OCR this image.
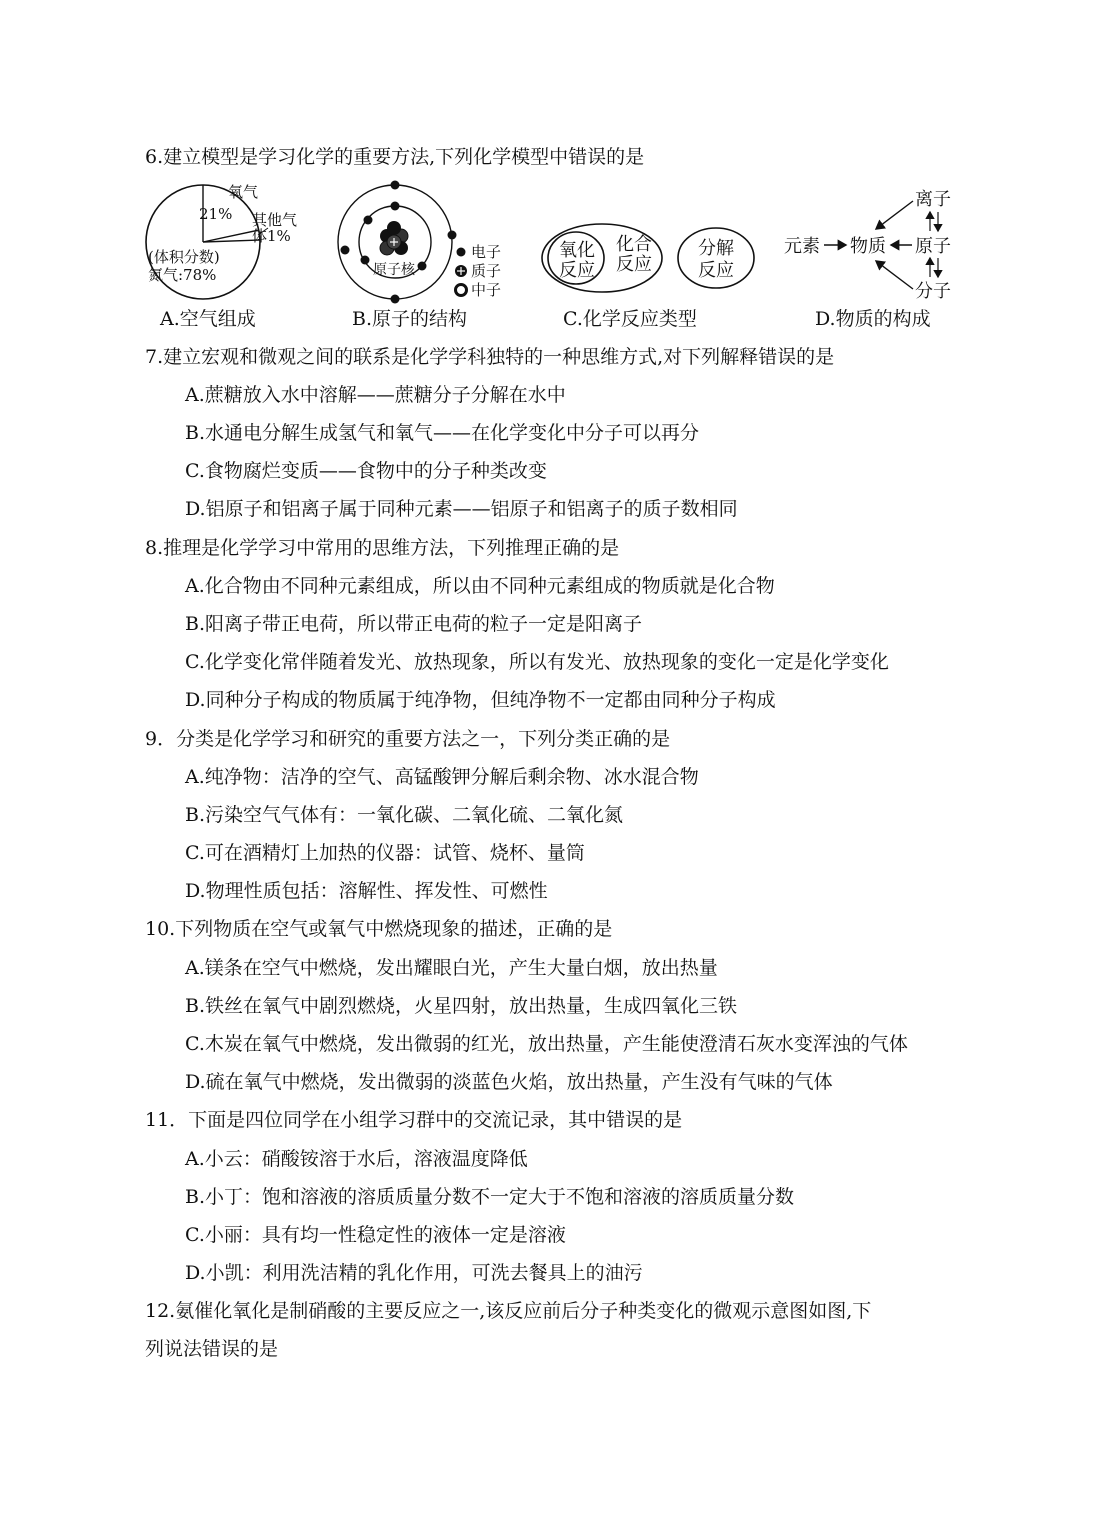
6.建立模型是学习化学的重要方法,下列化学模型中错误的是
氧气
21% 其他气
体1%
(体积分数)
氮气:78%	原子核
电子
质子
中子
氧化
反应
化合
反应
分解
反应
离子
元素 物质 原子
分子
A.空气组成	B.原子的结构	C.化学反应类型	D.物质的构成
7.建立宏观和微观之间的联系是化学学科独特的一种思维方式,对下列解释错误的是
A.蔗糖放入水中溶解——蔗糖分子分解在水中
B.水通电分解生成氢气和氧气——在化学变化中分子可以再分
C.食物腐烂变质——食物中的分子种类改变
D.铝原子和铝离子属于同种元素——铝原子和铝离子的质子数相同
8.推理是化学学习中常用的思维方法，下列推理正确的是
A.化合物由不同种元素组成，所以由不同种元素组成的物质就是化合物
B.阳离子带正电荷，所以带正电荷的粒子一定是阳离子
C.化学变化常伴随着发光、放热现象，所以有发光、放热现象的变化一定是化学变化
D.同种分子构成的物质属于纯净物，但纯净物不一定都由同种分子构成
9．分类是化学学习和研究的重要方法之一，下列分类正确的是
A.纯净物：洁净的空气、高锰酸钾分解后剩余物、冰水混合物
B.污染空气气体有：一氧化碳、二氧化硫、二氧化氮
C.可在酒精灯上加热的仪器：试管、烧杯、量筒
D.物理性质包括：溶解性、挥发性、可燃性
10.下列物质在空气或氧气中燃烧现象的描述，正确的是
A.镁条在空气中燃烧，发出耀眼白光，产生大量白烟，放出热量
B.铁丝在氧气中剧烈燃烧，火星四射，放出热量，生成四氧化三铁
C.木炭在氧气中燃烧，发出微弱的红光，放出热量，产生能使澄清石灰水变浑浊的气体
D.硫在氧气中燃烧，发出微弱的淡蓝色火焰，放出热量，产生没有气味的气体
11．下面是四位同学在小组学习群中的交流记录，其中错误的是
A.小云：硝酸铵溶于水后，溶液温度降低
B.小丁：饱和溶液的溶质质量分数不一定大于不饱和溶液的溶质质量分数
C.小丽：具有均一性稳定性的液体一定是溶液
D.小凯：利用洗洁精的乳化作用，可洗去餐具上的油污
12.氨催化氧化是制硝酸的主要反应之一,该反应前后分子种类变化的微观示意图如图,下
列说法错误的是
